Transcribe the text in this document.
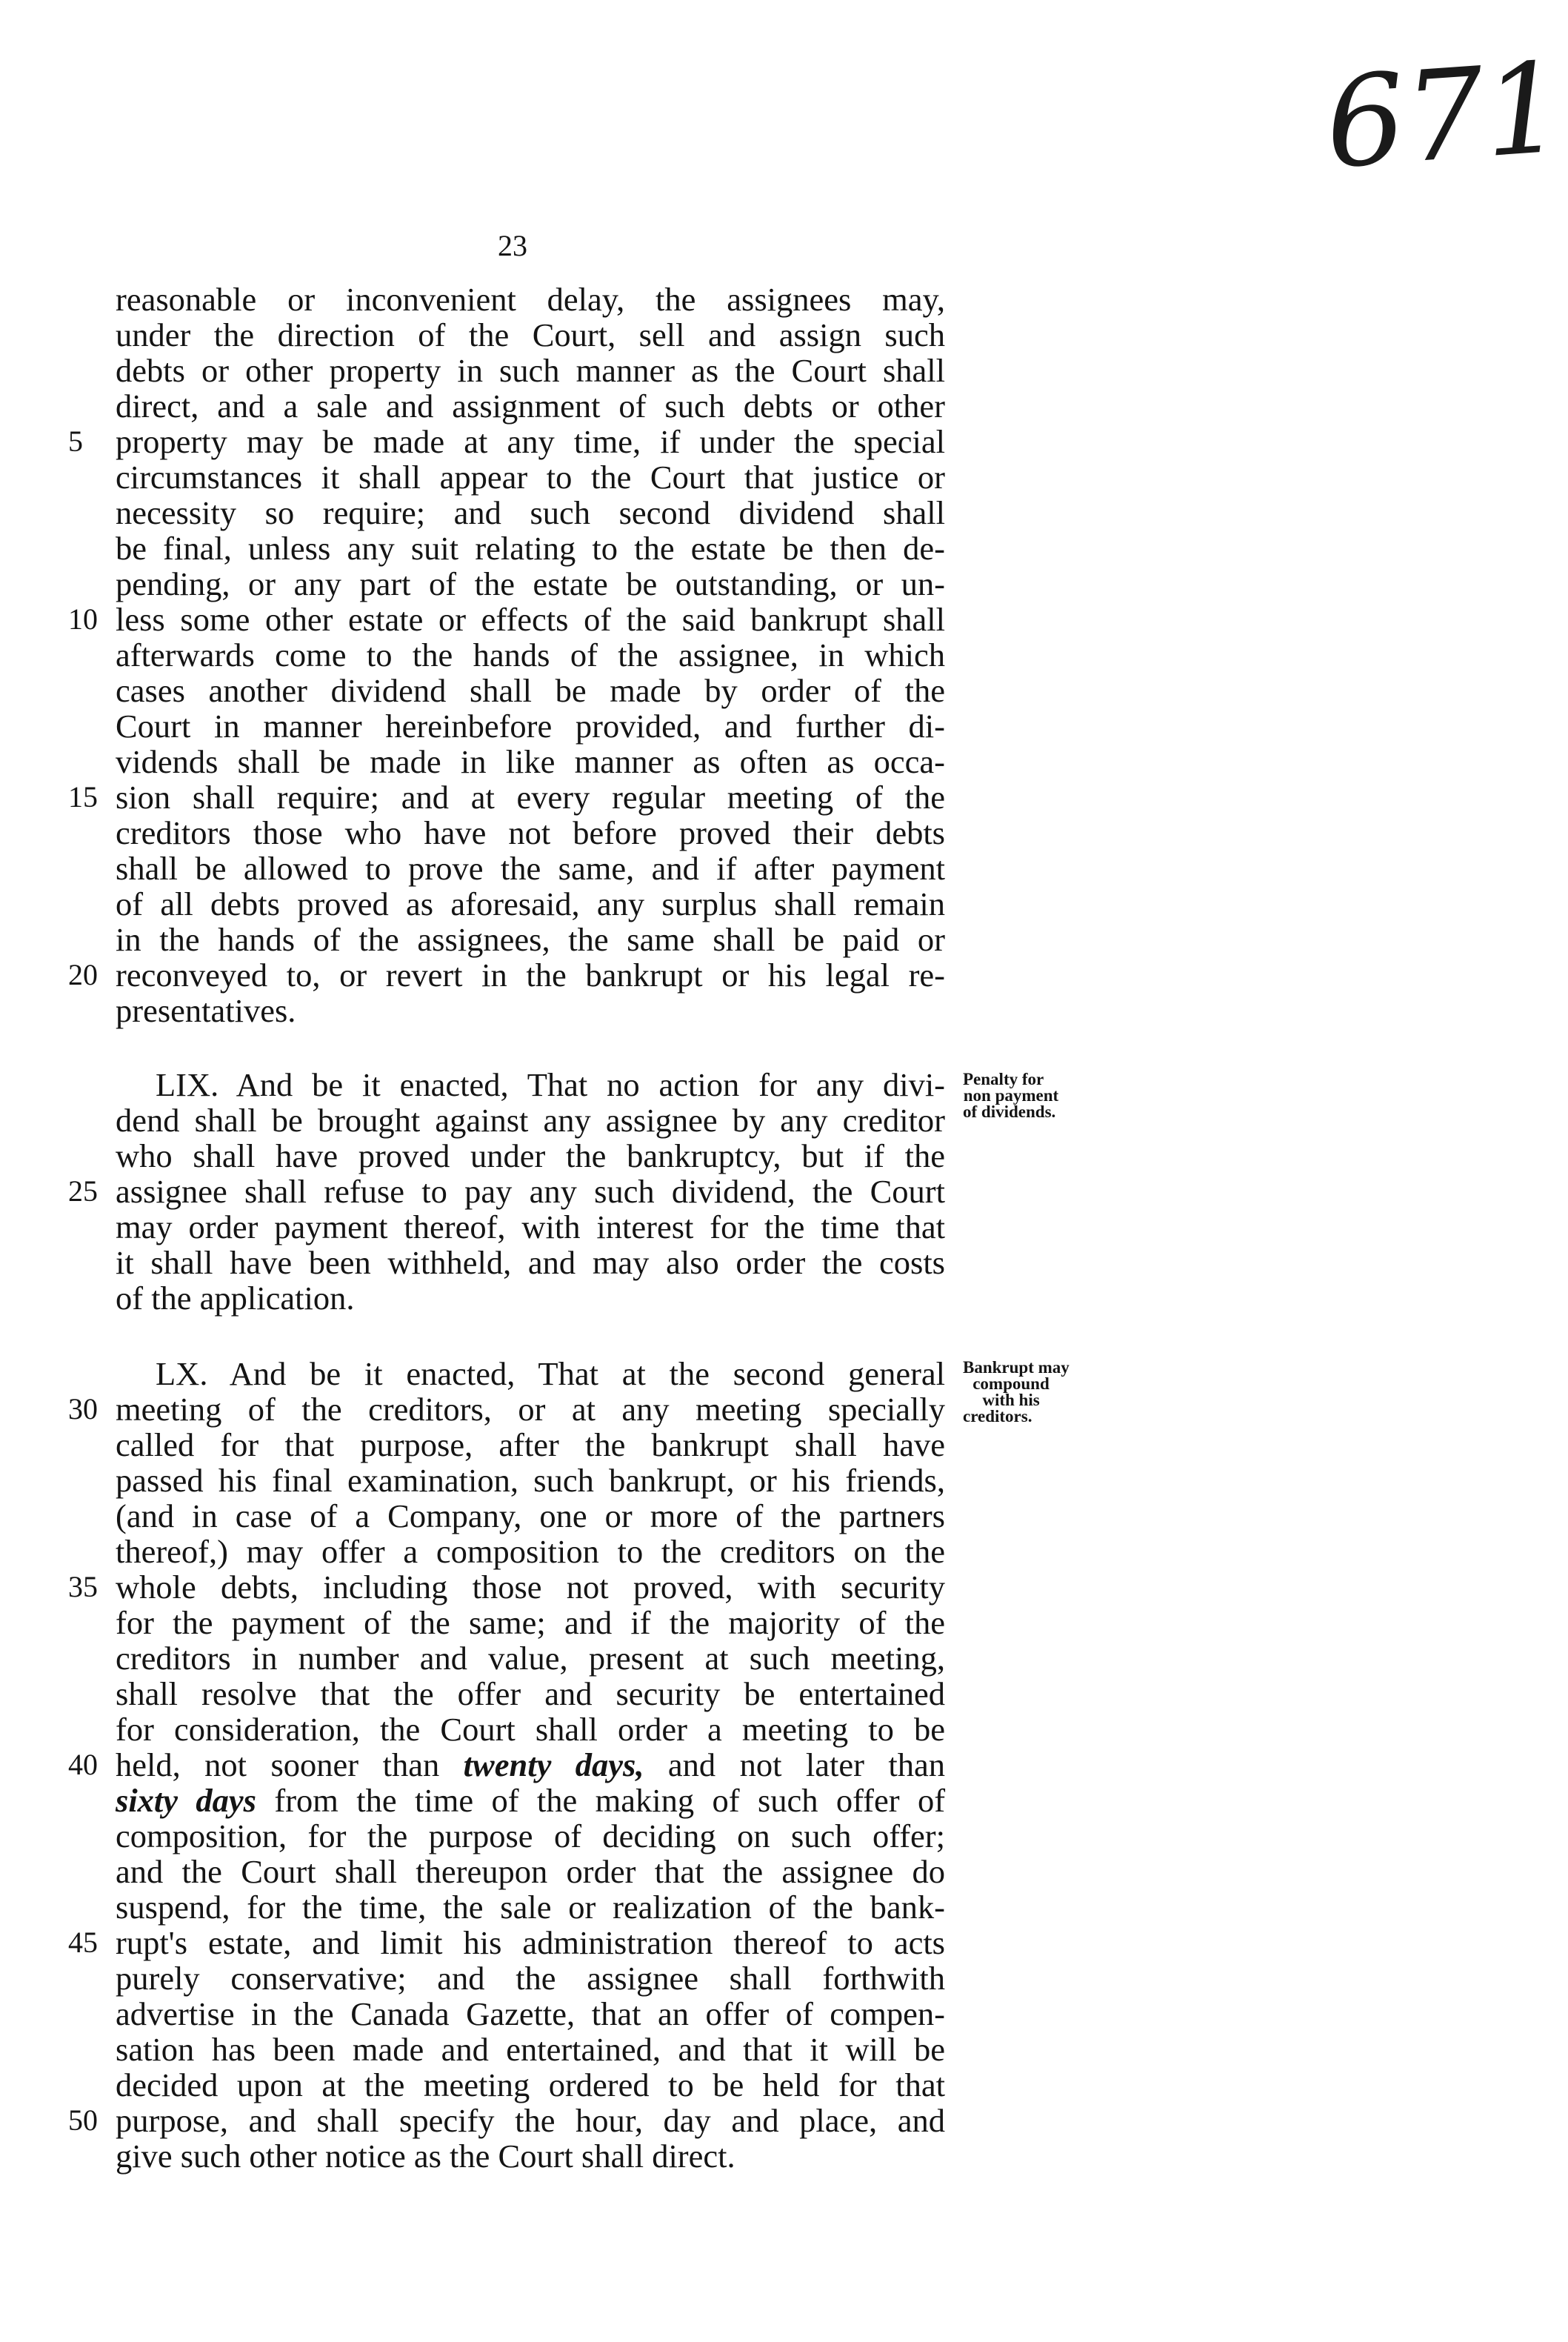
671
23
reasonable or inconvenient delay, the assignees may,
under the direction of the Court, sell and assign such
debts or other property in such manner as the Court shall
direct, and a sale and assignment of such debts or other
property may be made at any time, if under the special
circumstances it shall appear to the Court that justice or
necessity so require; and such second dividend shall
be final, unless any suit relating to the estate be then de-
pending, or any part of the estate be outstanding, or un-
less some other estate or effects of the said bankrupt shall
afterwards come to the hands of the assignee, in which
cases another dividend shall be made by order of the
Court in manner hereinbefore provided, and further di-
vidends shall be made in like manner as often as occa-
sion shall require; and at every regular meeting of the
creditors those who have not before proved their debts
shall be allowed to prove the same, and if after payment
of all debts proved as aforesaid, any surplus shall remain
in the hands of the assignees, the same shall be paid or
reconveyed to, or revert in the bankrupt or his legal re-
presentatives.
LIX. And be it enacted, That no action for any divi-
dend shall be brought against any assignee by any creditor
who shall have proved under the bankruptcy, but if the
assignee shall refuse to pay any such dividend, the Court
may order payment thereof, with interest for the time that
it shall have been withheld, and may also order the costs
of the application.
Penalty for
non payment
of dividends.
LX. And be it enacted, That at the second general
meeting of the creditors, or at any meeting specially
called for that purpose, after the bankrupt shall have
passed his final examination, such bankrupt, or his friends,
(and in case of a Company, one or more of the partners
thereof,) may offer a composition to the creditors on the
whole debts, including those not proved, with security
for the payment of the same; and if the majority of the
creditors in number and value, present at such meeting,
shall resolve that the offer and security be entertained
for consideration, the Court shall order a meeting to be
held, not sooner than twenty days, and not later than
sixty days from the time of the making of such offer of
composition, for the purpose of deciding on such offer;
and the Court shall thereupon order that the assignee do
suspend, for the time, the sale or realization of the bank-
rupt's estate, and limit his administration thereof to acts
purely conservative; and the assignee shall forthwith
advertise in the Canada Gazette, that an offer of compen-
sation has been made and entertained, and that it will be
decided upon at the meeting ordered to be held for that
purpose, and shall specify the hour, day and place, and
give such other notice as the Court shall direct.
Bankrupt may
compound
with his
creditors.
5
10
15
20
25
30
35
40
45
50
